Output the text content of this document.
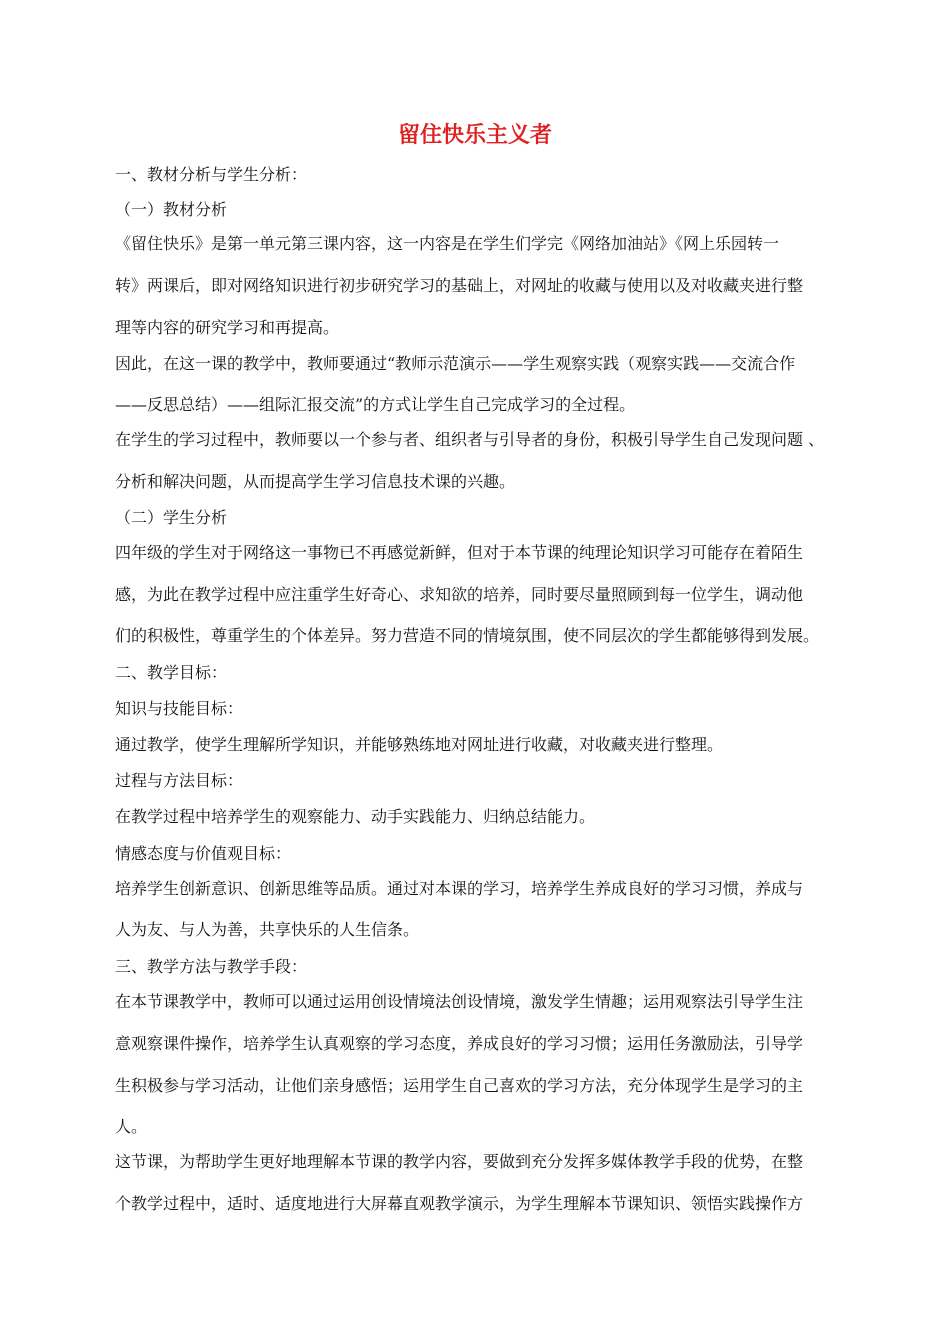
留住快乐主义者
一、教材分析与学生分析：
（一）教材分析
《留住快乐》是第一单元第三课内容，这一内容是在学生们学完《网络加油站》《网上乐园转一
转》两课后，即对网络知识进行初步研究学习的基础上，对网址的收藏与使用以及对收藏夹进行整
理等内容的研究学习和再提高。
因此，在这一课的教学中，教师要通过“教师示范演示——学生观察实践（观察实践——交流合作
——反思总结）——组际汇报交流”的方式让学生自己完成学习的全过程。
在学生的学习过程中，教师要以一个参与者、组织者与引导者的身份，积极引导学生自己发现问题 、
分析和解决问题，从而提高学生学习信息技术课的兴趣。
（二）学生分析
四年级的学生对于网络这一事物已不再感觉新鲜，但对于本节课的纯理论知识学习可能存在着陌生
感，为此在教学过程中应注重学生好奇心、求知欲的培养，同时要尽量照顾到每一位学生，调动他
们的积极性，尊重学生的个体差异。努力营造不同的情境氛围，使不同层次的学生都能够得到发展。
二、教学目标：
知识与技能目标：
通过教学，使学生理解所学知识，并能够熟练地对网址进行收藏，对收藏夹进行整理。
过程与方法目标：
在教学过程中培养学生的观察能力、动手实践能力、归纳总结能力。
情感态度与价值观目标：
培养学生创新意识、创新思维等品质。通过对本课的学习，培养学生养成良好的学习习惯，养成与
人为友、与人为善，共享快乐的人生信条。
三、教学方法与教学手段：
在本节课教学中，教师可以通过运用创设情境法创设情境，激发学生情趣；运用观察法引导学生注
意观察课件操作，培养学生认真观察的学习态度，养成良好的学习习惯；运用任务激励法，引导学
生积极参与学习活动，让他们亲身感悟；运用学生自己喜欢的学习方法，充分体现学生是学习的主
人。
这节课，为帮助学生更好地理解本节课的教学内容，要做到充分发挥多媒体教学手段的优势，在整
个教学过程中，适时、适度地进行大屏幕直观教学演示，为学生理解本节课知识、领悟实践操作方
